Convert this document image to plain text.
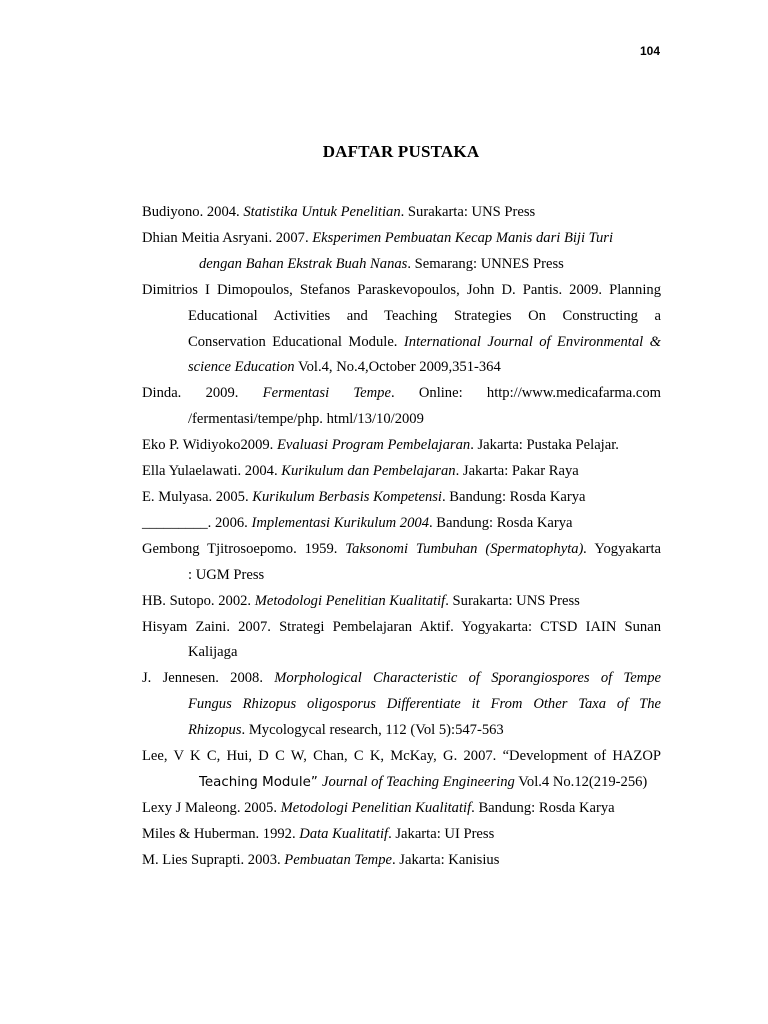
104
DAFTAR PUSTAKA
Budiyono. 2004. Statistika Untuk Penelitian. Surakarta: UNS Press
Dhian Meitia Asryani. 2007. Eksperimen Pembuatan Kecap Manis dari Biji Turi
dengan Bahan Ekstrak Buah Nanas. Semarang: UNNES Press
Dimitrios I Dimopoulos, Stefanos Paraskevopoulos, John D. Pantis. 2009. Planning
Educational Activities and Teaching Strategies On Constructing a
Conservation Educational Module. International Journal of Environmental &
science Education Vol.4, No.4,October 2009,351-364
Dinda. 2009. Fermentasi Tempe. Online: http://www.medicafarma.com
/fermentasi/tempe/php. html/13/10/2009
Eko P. Widiyoko2009. Evaluasi Program Pembelajaran. Jakarta: Pustaka Pelajar.
Ella Yulaelawati. 2004. Kurikulum dan Pembelajaran. Jakarta: Pakar Raya
E. Mulyasa. 2005. Kurikulum Berbasis Kompetensi. Bandung: Rosda Karya
_________. 2006. Implementasi Kurikulum 2004. Bandung: Rosda Karya
Gembong Tjitrosoepomo. 1959. Taksonomi Tumbuhan (Spermatophyta). Yogyakarta
: UGM Press
HB. Sutopo. 2002. Metodologi Penelitian Kualitatif. Surakarta: UNS Press
Hisyam Zaini. 2007. Strategi Pembelajaran Aktif. Yogyakarta: CTSD IAIN Sunan
Kalijaga
J. Jennesen. 2008. Morphological Characteristic of Sporangiospores of Tempe
Fungus Rhizopus oligosporus Differentiate it From Other Taxa of The
Rhizopus. Mycologycal research, 112 (Vol 5):547-563
Lee, V K C, Hui, D C W, Chan, C K, McKay, G. 2007. “Development of HAZOP
Teaching Module” Journal of Teaching Engineering Vol.4 No.12(219-256)
Lexy J Maleong. 2005. Metodologi Penelitian Kualitatif. Bandung: Rosda Karya
Miles & Huberman. 1992. Data Kualitatif. Jakarta: UI Press
M. Lies Suprapti. 2003. Pembuatan Tempe. Jakarta: Kanisius
